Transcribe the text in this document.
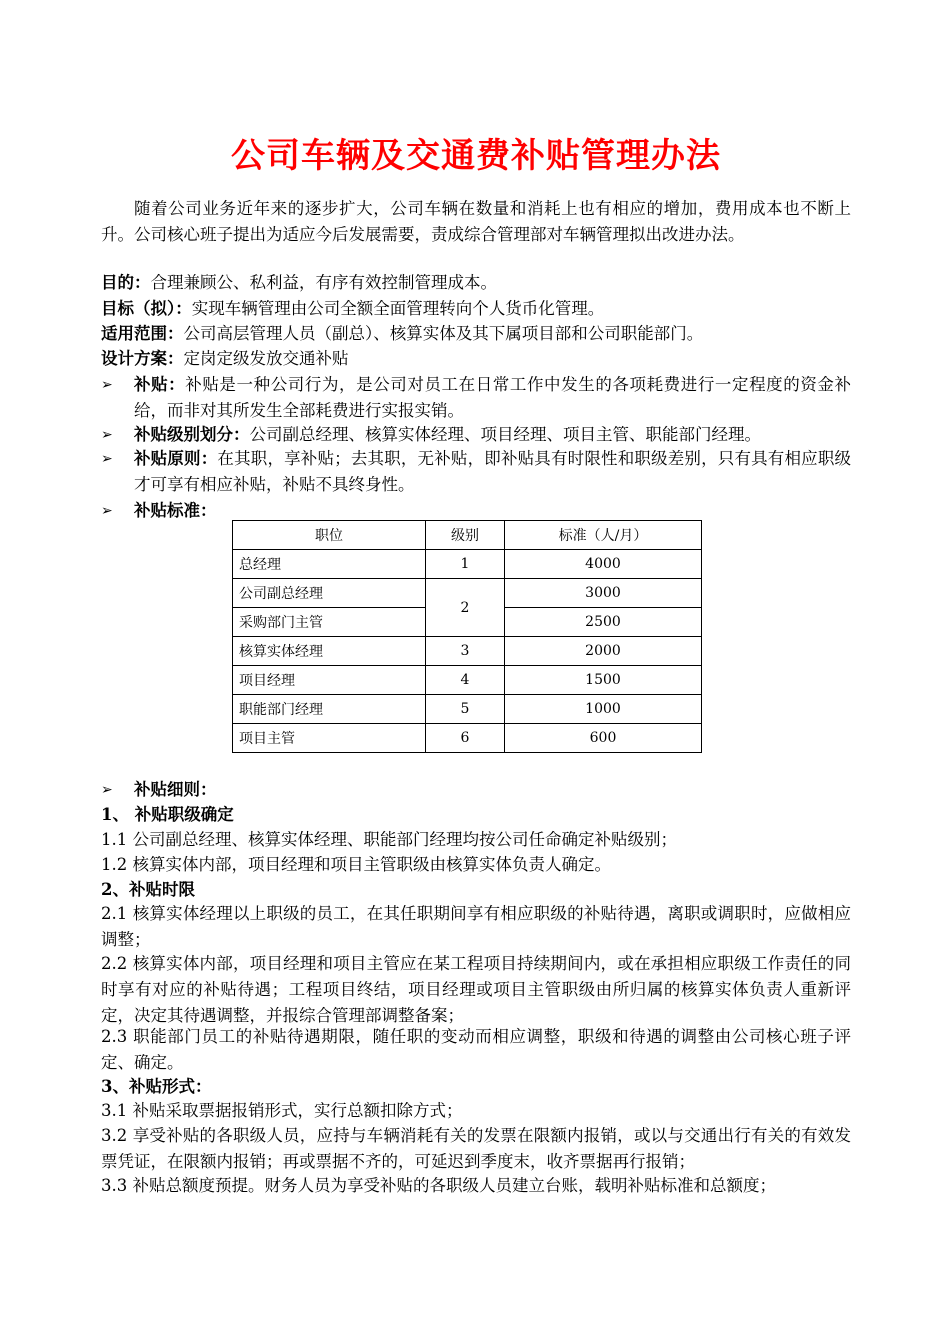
公司车辆及交通费补贴管理办法
随着公司业务近年来的逐步扩大，公司车辆在数量和消耗上也有相应的增加，费用成本也不断上升。公司核心班子提出为适应今后发展需要，责成综合管理部对车辆管理拟出改进办法。
目的：合理兼顾公、私利益，有序有效控制管理成本。
目标（拟）：实现车辆管理由公司全额全面管理转向个人货币化管理。
适用范围：公司高层管理人员（副总）、核算实体及其下属项目部和公司职能部门。
设计方案：定岗定级发放交通补贴
➢	补贴：补贴是一种公司行为，是公司对员工在日常工作中发生的各项耗费进行一定程度的资金补给，而非对其所发生全部耗费进行实报实销。
➢	补贴级别划分：公司副总经理、核算实体经理、项目经理、项目主管、职能部门经理。
➢	补贴原则：在其职，享补贴；去其职，无补贴，即补贴具有时限性和职级差别，只有具有相应职级才可享有相应补贴，补贴不具终身性。
➢	补贴标准：
职位	级别	标准（人/月）
总经理	1	4000
公司副总经理	2	3000
采购部门主管		2500
核算实体经理	3	2000
项目经理	4	1500
职能部门经理	5	1000
项目主管	6	600
➢	补贴细则：
1、 补贴职级确定
1.1 公司副总经理、核算实体经理、职能部门经理均按公司任命确定补贴级别；
1.2 核算实体内部，项目经理和项目主管职级由核算实体负责人确定。
2、补贴时限
2.1 核算实体经理以上职级的员工，在其任职期间享有相应职级的补贴待遇，离职或调职时，应做相应调整；
2.2 核算实体内部，项目经理和项目主管应在某工程项目持续期间内，或在承担相应职级工作责任的同时享有对应的补贴待遇；工程项目终结，项目经理或项目主管职级由所归属的核算实体负责人重新评定，决定其待遇调整，并报综合管理部调整备案；
2.3 职能部门员工的补贴待遇期限，随任职的变动而相应调整，职级和待遇的调整由公司核心班子评定、确定。
3、补贴形式：
3.1 补贴采取票据报销形式，实行总额扣除方式；
3.2 享受补贴的各职级人员，应持与车辆消耗有关的发票在限额内报销，或以与交通出行有关的有效发票凭证，在限额内报销；再或票据不齐的，可延迟到季度末，收齐票据再行报销；
3.3 补贴总额度预提。财务人员为享受补贴的各职级人员建立台账，载明补贴标准和总额度；
